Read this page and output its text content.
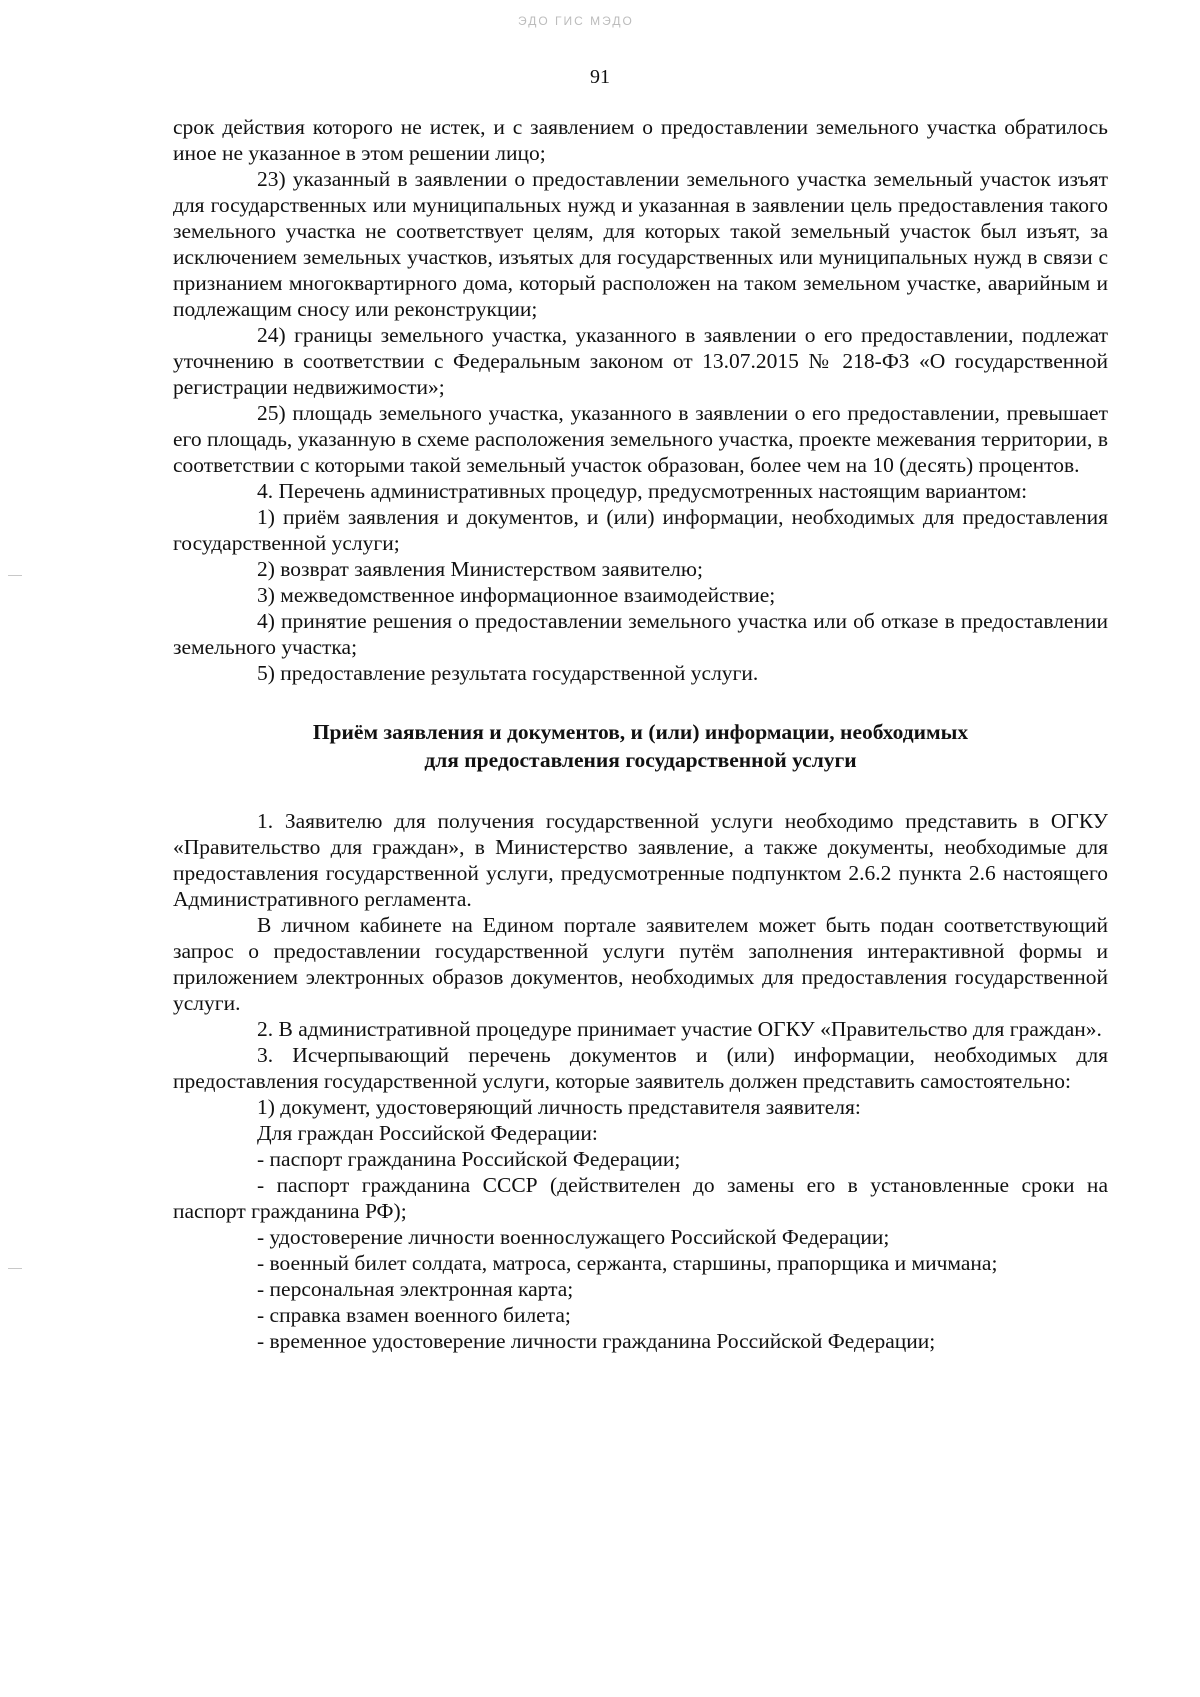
ЭДО ГИС МЭДО
91

срок действия которого не истек, и с заявлением о предоставлении земельного участка обратилось иное не указанное в этом решении лицо;

23) указанный в заявлении о предоставлении земельного участка земельный участок изъят для государственных или муниципальных нужд и указанная в заявлении цель предоставления такого земельного участка не соответствует целям, для которых такой земельный участок был изъят, за исключением земельных участков, изъятых для государственных или муниципальных нужд в связи с признанием многоквартирного дома, который расположен на таком земельном участке, аварийным и подлежащим сносу или реконструкции;

24) границы земельного участка, указанного в заявлении о его предоставлении, подлежат уточнению в соответствии с Федеральным законом от 13.07.2015 № 218-ФЗ «О государственной регистрации недвижимости»;

25) площадь земельного участка, указанного в заявлении о его предоставлении, превышает его площадь, указанную в схеме расположения земельного участка, проекте межевания территории, в соответствии с которыми такой земельный участок образован, более чем на 10 (десять) процентов.

4. Перечень административных процедур, предусмотренных настоящим вариантом:

1) приём заявления и документов, и (или) информации, необходимых для предоставления государственной услуги;

2) возврат заявления Министерством заявителю;

3) межведомственное информационное взаимодействие;

4) принятие решения о предоставлении земельного участка или об отказе в предоставлении земельного участка;

5) предоставление результата государственной услуги.

Приём заявления и документов, и (или) информации, необходимых
для предоставления государственной услуги

1. Заявителю для получения государственной услуги необходимо представить в ОГКУ «Правительство для граждан», в Министерство заявление, а также документы, необходимые для предоставления государственной услуги, предусмотренные подпунктом 2.6.2 пункта 2.6 настоящего Административного регламента.

В личном кабинете на Едином портале заявителем может быть подан соответствующий запрос о предоставлении государственной услуги путём заполнения интерактивной формы и приложением электронных образов документов, необходимых для предоставления государственной услуги.

2. В административной процедуре принимает участие ОГКУ «Правительство для граждан».

3. Исчерпывающий перечень документов и (или) информации, необходимых для предоставления государственной услуги, которые заявитель должен представить самостоятельно:

1) документ, удостоверяющий личность представителя заявителя:

Для граждан Российской Федерации:

- паспорт гражданина Российской Федерации;

- паспорт гражданина СССР (действителен до замены его в установленные сроки на паспорт гражданина РФ);

- удостоверение личности военнослужащего Российской Федерации;

- военный билет солдата, матроса, сержанта, старшины, прапорщика и мичмана;

- персональная электронная карта;

- справка взамен военного билета;

- временное удостоверение личности гражданина Российской Федерации;
